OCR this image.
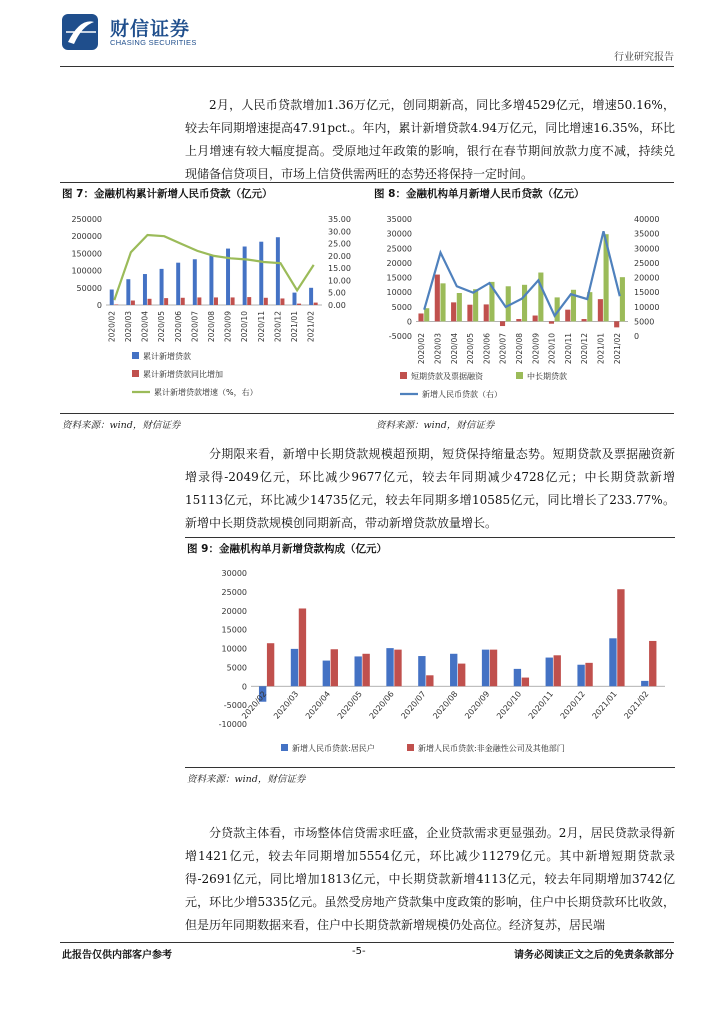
财信证券
CHASING SECURITIES
行业研究报告

2月，人民币贷款增加1.36万亿元，创同期新高，同比多增4529亿元，增速50.16%，较去年同期增速提高47.91pct.。年内，累计新增贷款4.94万亿元，同比增速16.35%，环比上月增速有较大幅度提高。受原地过年政策的影响，银行在春节期间放款力度不减，持续兑现储备信贷项目，市场上信贷供需两旺的态势还将保持一定时间。

图 7：金融机构累计新增人民币贷款（亿元）	图 8：金融机构单月新增人民币贷款（亿元）
250000
200000
150000
100000
50000
0
35.00
30.00
25.00
20.00
15.00
10.00
5.00
0.00
2020/02 2020/03 2020/04 2020/05 2020/06 2020/07 2020/08 2020/09 2020/10 2020/11 2020/12 2021/01 2021/02
累计新增贷款
累计新增贷款同比增加
累计新增贷款增速（%，右）
35000
30000
25000
20000
15000
10000
5000
0
-5000
40000
35000
30000
25000
20000
15000
10000
5000
0
2020/02 2020/03 2020/04 2020/05 2020/06 2020/07 2020/08 2020/09 2020/10 2020/11 2020/12 2021/01 2021/02
短期贷款及票据融资	中长期贷款
新增人民币贷款（右）
资料来源：wind，财信证券	资料来源：wind，财信证券

分期限来看，新增中长期贷款规模超预期，短贷保持缩量态势。短期贷款及票据融资新增录得-2049亿元，环比减少9677亿元，较去年同期减少4728亿元；中长期贷款新增15113亿元，环比减少14735亿元，较去年同期多增10585亿元，同比增长了233.77%。新增中长期贷款规模创同期新高，带动新增贷款放量增长。

图 9：金融机构单月新增贷款构成（亿元）
30000
25000
20000
15000
10000
5000
0
-5000
-10000
2020/02 2020/03 2020/04 2020/05 2020/06 2020/07 2020/08 2020/09 2020/10 2020/11 2020/12 2021/01 2021/02
新增人民币贷款:居民户	新增人民币贷款:非金融性公司及其他部门
资料来源：wind，财信证券

分贷款主体看，市场整体信贷需求旺盛，企业贷款需求更显强劲。2月，居民贷款录得新增1421亿元，较去年同期增加5554亿元，环比减少11279亿元。其中新增短期贷款录得-2691亿元，同比增加1813亿元，中长期贷款新增4113亿元，较去年同期增加3742亿元，环比少增5335亿元。虽然受房地产贷款集中度政策的影响，住户中长期贷款环比收敛，但是历年同期数据来看，住户中长期贷款新增规模仍处高位。经济复苏，居民端

此报告仅供内部客户参考	-5-	请务必阅读正文之后的免责条款部分
